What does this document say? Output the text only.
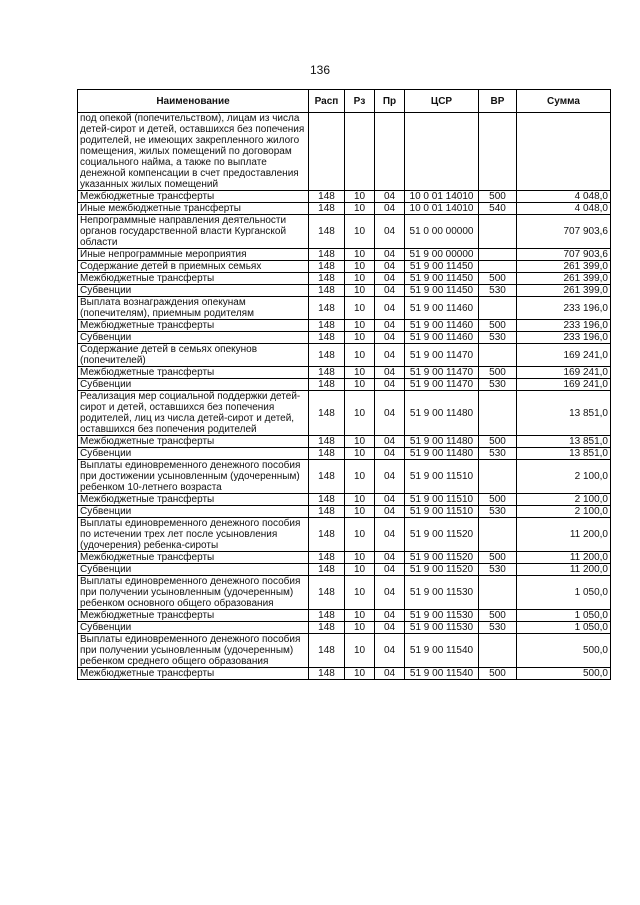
136
Наименование	Расп	Рз	Пр	ЦСР	ВР	Сумма
под опекой (попечительством), лицам из числа детей-сирот и детей, оставшихся без попечения родителей, не имеющих закрепленного жилого помещения, жилых помещений по договорам социального найма, а также по выплате денежной компенсации в счет предоставления указанных жилых помещений						
Межбюджетные трансферты	148	10	04	10 0 01 14010	500	4 048,0
Иные межбюджетные трансферты	148	10	04	10 0 01 14010	540	4 048,0
Непрограммные направления деятельности органов государственной власти Курганской области	148	10	04	51 0 00 00000		707 903,6
Иные непрограммные мероприятия	148	10	04	51 9 00 00000		707 903,6
Содержание детей в приемных семьях	148	10	04	51 9 00 11450		261 399,0
Межбюджетные трансферты	148	10	04	51 9 00 11450	500	261 399,0
Субвенции	148	10	04	51 9 00 11450	530	261 399,0
Выплата вознаграждения опекунам (попечителям), приемным родителям	148	10	04	51 9 00 11460		233 196,0
Межбюджетные трансферты	148	10	04	51 9 00 11460	500	233 196,0
Субвенции	148	10	04	51 9 00 11460	530	233 196,0
Содержание детей в семьях опекунов (попечителей)	148	10	04	51 9 00 11470		169 241,0
Межбюджетные трансферты	148	10	04	51 9 00 11470	500	169 241,0
Субвенции	148	10	04	51 9 00 11470	530	169 241,0
Реализация мер социальной поддержки детей-сирот и детей, оставшихся без попечения родителей, лиц из числа детей-сирот и детей, оставшихся без попечения родителей	148	10	04	51 9 00 11480		13 851,0
Межбюджетные трансферты	148	10	04	51 9 00 11480	500	13 851,0
Субвенции	148	10	04	51 9 00 11480	530	13 851,0
Выплаты единовременного денежного пособия при достижении усыновленным (удочеренным) ребенком 10-летнего возраста	148	10	04	51 9 00 11510		2 100,0
Межбюджетные трансферты	148	10	04	51 9 00 11510	500	2 100,0
Субвенции	148	10	04	51 9 00 11510	530	2 100,0
Выплаты единовременного денежного пособия по истечении трех лет после усыновления (удочерения) ребенка-сироты	148	10	04	51 9 00 11520		11 200,0
Межбюджетные трансферты	148	10	04	51 9 00 11520	500	11 200,0
Субвенции	148	10	04	51 9 00 11520	530	11 200,0
Выплаты единовременного денежного пособия при получении усыновленным (удочеренным) ребенком основного общего образования	148	10	04	51 9 00 11530		1 050,0
Межбюджетные трансферты	148	10	04	51 9 00 11530	500	1 050,0
Субвенции	148	10	04	51 9 00 11530	530	1 050,0
Выплаты единовременного денежного пособия при получении усыновленным (удочеренным) ребенком среднего общего образования	148	10	04	51 9 00 11540		500,0
Межбюджетные трансферты	148	10	04	51 9 00 11540	500	500,0
